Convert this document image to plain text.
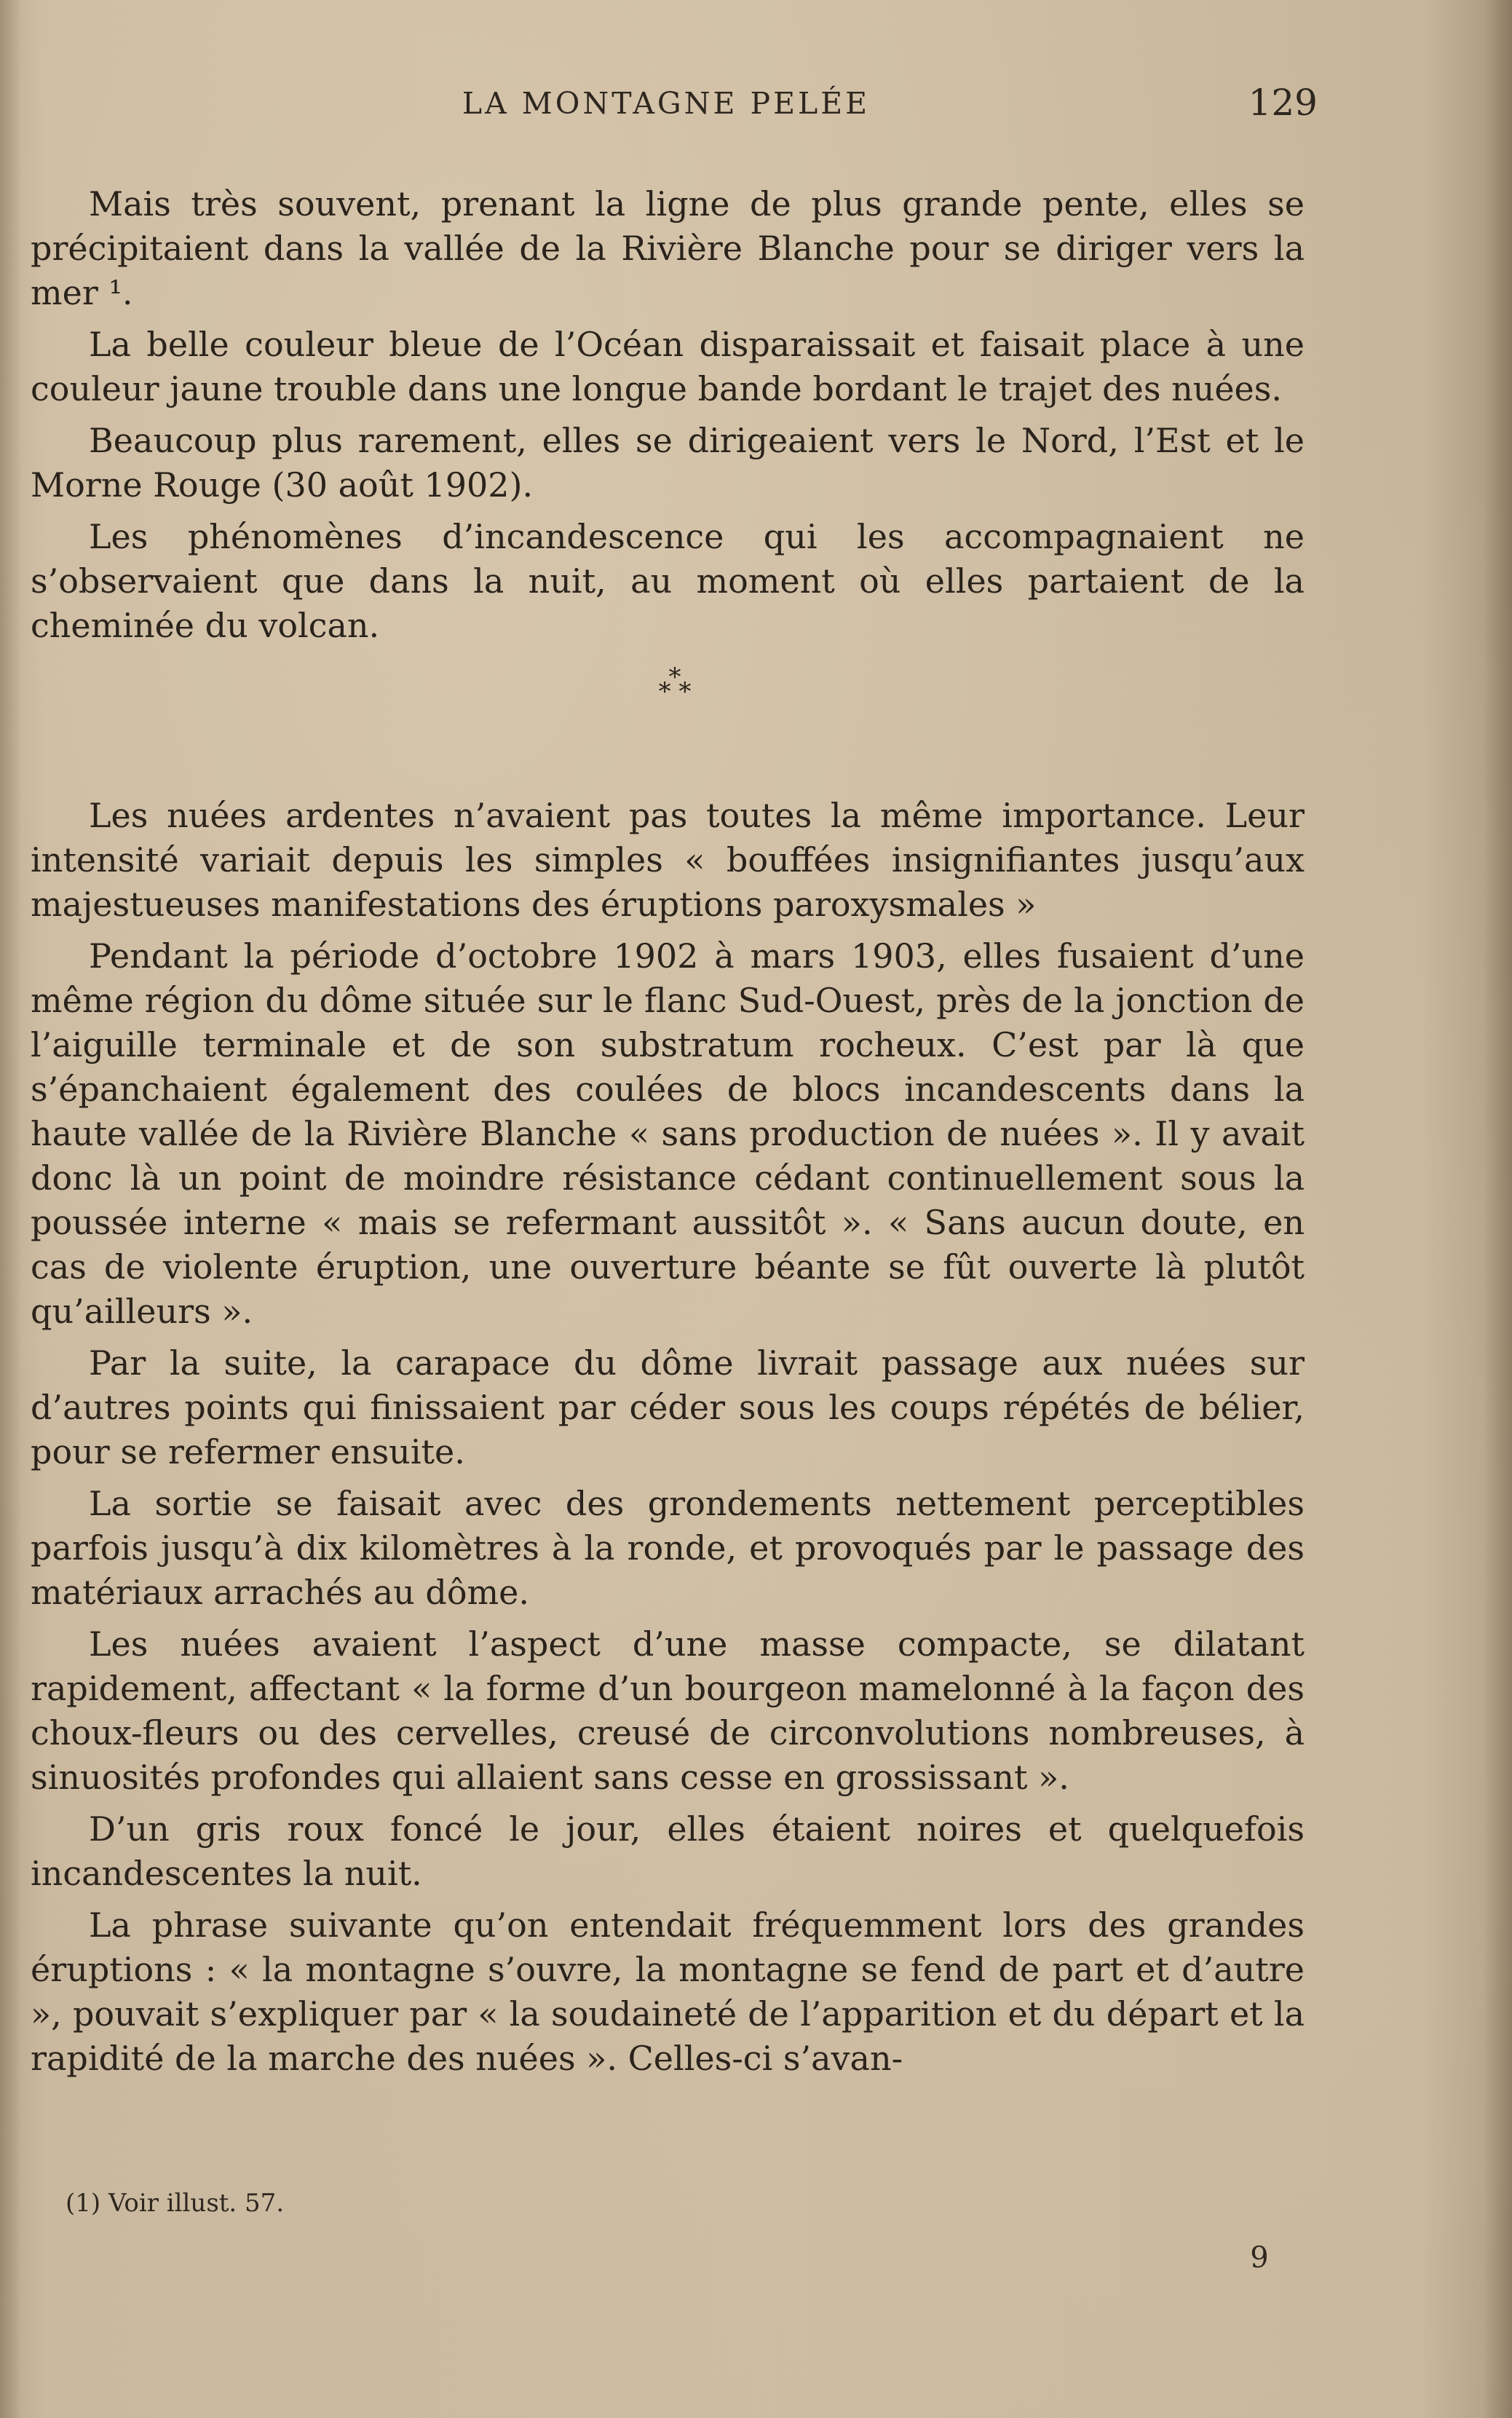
LA MONTAGNE PELÉE	129

Mais très souvent, prenant la ligne de plus grande pente, elles se précipitaient dans la vallée de la Rivière Blanche pour se diriger vers la mer ¹.

La belle couleur bleue de l’Océan disparaissait et faisait place à une couleur jaune trouble dans une longue bande bordant le trajet des nuées.

Beaucoup plus rarement, elles se dirigeaient vers le Nord, l’Est et le Morne Rouge (30 août 1902).

Les phénomènes d’incandescence qui les accompagnaient ne s’observaient que dans la nuit, au moment où elles partaient de la cheminée du volcan.

*
* *

Les nuées ardentes n’avaient pas toutes la même importance. Leur intensité variait depuis les simples « bouffées insignifiantes jusqu’aux majestueuses manifestations des éruptions paroxysmales »

Pendant la période d’octobre 1902 à mars 1903, elles fusaient d’une même région du dôme située sur le flanc Sud-Ouest, près de la jonction de l’aiguille terminale et de son substratum rocheux. C’est par là que s’épanchaient également des coulées de blocs incandescents dans la haute vallée de la Rivière Blanche « sans production de nuées ». Il y avait donc là un point de moindre résistance cédant continuellement sous la poussée interne « mais se refermant aussitôt ». « Sans aucun doute, en cas de violente éruption, une ouverture béante se fût ouverte là plutôt qu’ailleurs ».

Par la suite, la carapace du dôme livrait passage aux nuées sur d’autres points qui finissaient par céder sous les coups répétés de bélier, pour se refermer ensuite.

La sortie se faisait avec des grondements nettement perceptibles parfois jusqu’à dix kilomètres à la ronde, et provoqués par le passage des matériaux arrachés au dôme.

Les nuées avaient l’aspect d’une masse compacte, se dilatant rapidement, affectant « la forme d’un bourgeon mamelonné à la façon des choux-fleurs ou des cervelles, creusé de circonvolutions nombreuses, à sinuosités profondes qui allaient sans cesse en grossissant ».

D’un gris roux foncé le jour, elles étaient noires et quelquefois incandescentes la nuit.

La phrase suivante qu’on entendait fréquemment lors des grandes éruptions : « la montagne s’ouvre, la montagne se fend de part et d’autre », pouvait s’expliquer par « la soudaineté de l’apparition et du départ et la rapidité de la marche des nuées ». Celles-ci s’avan-

(1) Voir illust. 57.
9
